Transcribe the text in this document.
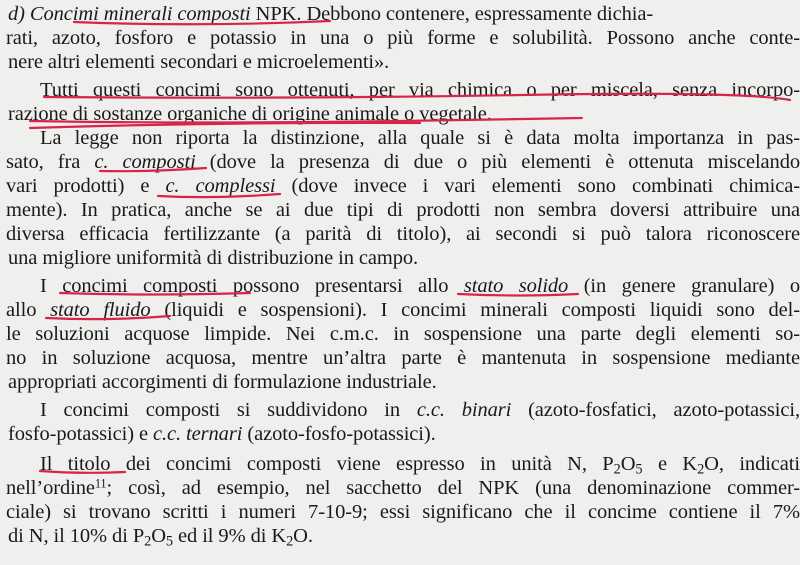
d) Concimi minerali composti NPK. Debbono contenere, espressamente dichia-
rati, azoto, fosforo e potassio in una o più forme e solubilità. Possono anche conte-
nere altri elementi secondari e microelementi».
Tutti questi concimi sono ottenuti, per via chimica o per miscela, senza incorpo-
razione di sostanze organiche di origine animale o vegetale.
La legge non riporta la distinzione, alla quale si è data molta importanza in pas-
sato, fra c. composti (dove la presenza di due o più elementi è ottenuta miscelando
vari prodotti) e c. complessi (dove invece i vari elementi sono combinati chimica-
mente). In pratica, anche se ai due tipi di prodotti non sembra doversi attribuire una
diversa efficacia fertilizzante (a parità di titolo), ai secondi si può talora riconoscere
una migliore uniformità di distribuzione in campo.
I concimi composti possono presentarsi allo stato solido (in genere granulare) o
allo stato fluido (liquidi e sospensioni). I concimi minerali composti liquidi sono del-
le soluzioni acquose limpide. Nei c.m.c. in sospensione una parte degli elementi so-
no in soluzione acquosa, mentre un’altra parte è mantenuta in sospensione mediante
appropriati accorgimenti di formulazione industriale.
I concimi composti si suddividono in c.c. binari (azoto-fosfatici, azoto-potassici,
fosfo-potassici) e c.c. ternari (azoto-fosfo-potassici).
Il titolo dei concimi composti viene espresso in unità N, $P_2O_5$ e $K_2O$, indicati
nell’ordine$^{11}$; così, ad esempio, nel sacchetto del NPK (una denominazione commer-
ciale) si trovano scritti i numeri 7-10-9; essi significano che il concime contiene il 7%
di N, il 10% di $P_2O_5$ ed il 9% di $K_2O$.
